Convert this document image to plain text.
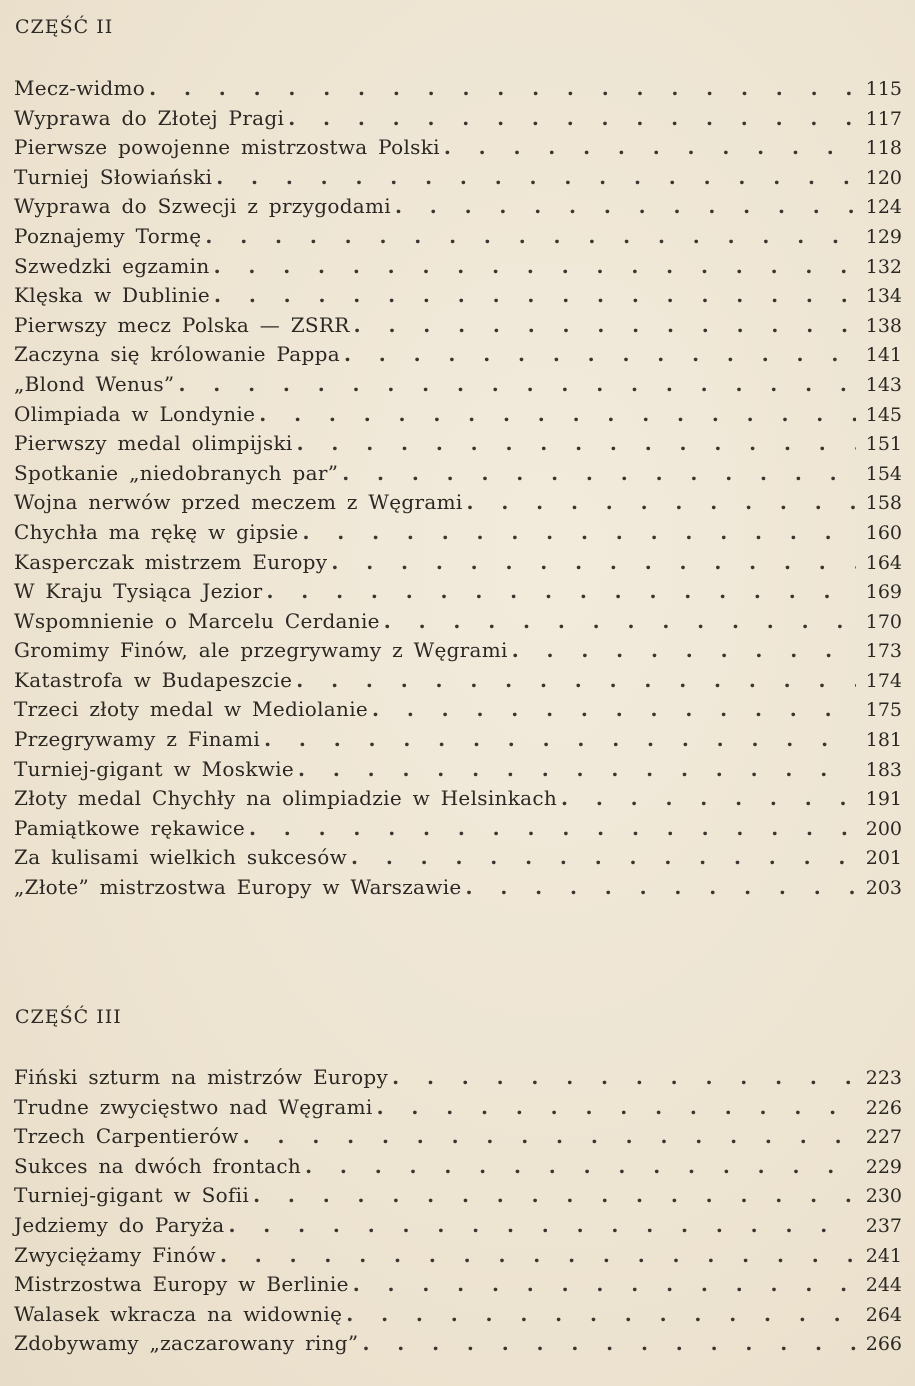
CZĘŚĆ II
Mecz-widmo .	115
Wyprawa do Złotej Pragi .	117
Pierwsze powojenne mistrzostwa Polski .	118
Turniej Słowiański .	120
Wyprawa do Szwecji z przygodami .	124
Poznajemy Tormę .	129
Szwedzki egzamin .	132
Klęska w Dublinie .	134
Pierwszy mecz Polska — ZSRR .	138
Zaczyna się królowanie Pappa .	141
„Blond Wenus” .	143
Olimpiada w Londynie .	145
Pierwszy medal olimpijski .	151
Spotkanie „niedobranych par” .	154
Wojna nerwów przed meczem z Węgrami .	158
Chychła ma rękę w gipsie .	160
Kasperczak mistrzem Europy .	164
W Kraju Tysiąca Jezior .	169
Wspomnienie o Marcelu Cerdanie .	170
Gromimy Finów, ale przegrywamy z Węgrami .	173
Katastrofa w Budapeszcie .	174
Trzeci złoty medal w Mediolanie .	175
Przegrywamy z Finami .	181
Turniej-gigant w Moskwie .	183
Złoty medal Chychły na olimpiadzie w Helsinkach .	191
Pamiątkowe rękawice .	200
Za kulisami wielkich sukcesów .	201
„Złote” mistrzostwa Europy w Warszawie .	203
CZĘŚĆ III
Fiński szturm na mistrzów Europy .	223
Trudne zwycięstwo nad Węgrami .	226
Trzech Carpentierów .	227
Sukces na dwóch frontach .	229
Turniej-gigant w Sofii .	230
Jedziemy do Paryża .	237
Zwyciężamy Finów .	241
Mistrzostwa Europy w Berlinie .	244
Walasek wkracza na widownię .	264
Zdobywamy „zaczarowany ring” .	266
